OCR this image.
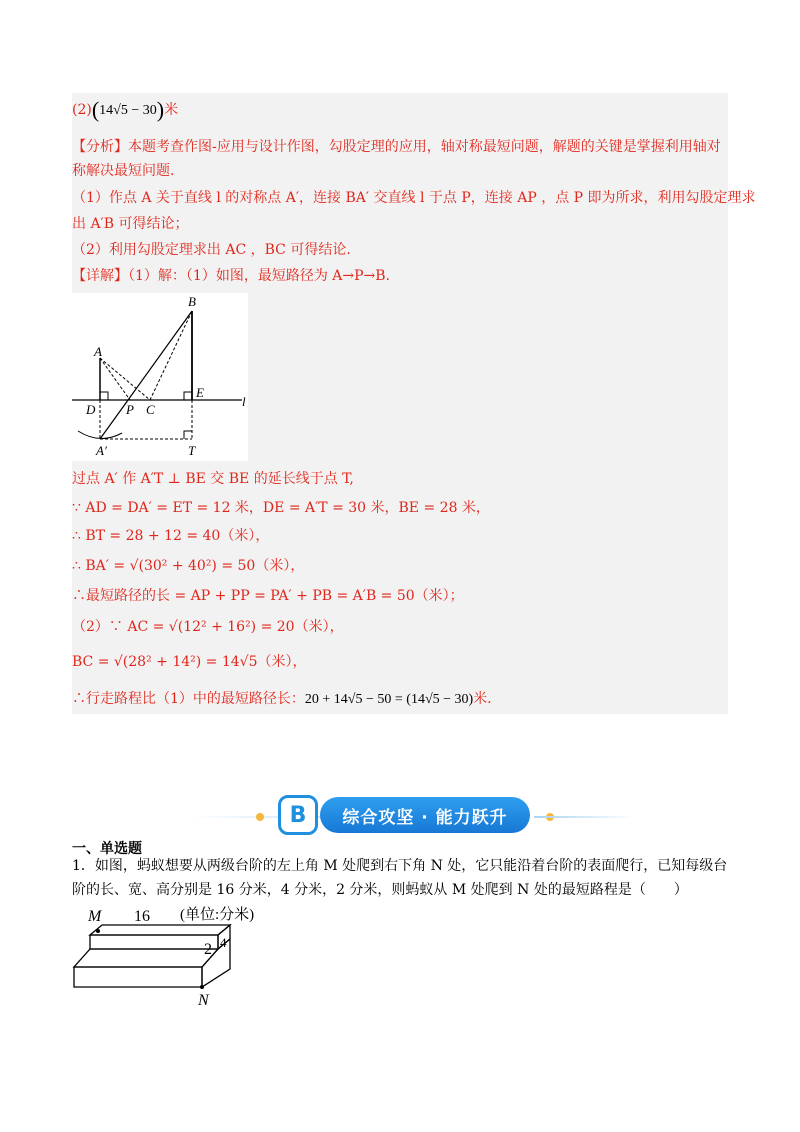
(2)(14√5 − 30)米
【分析】本题考查作图-应用与设计作图，勾股定理的应用，轴对称最短问题，解题的关键是掌握利用轴对
称解决最短问题.
（1）作点 A 关于直线 l 的对称点 A′，连接 BA′ 交直线 l 于点 P，连接 AP ，点 P 即为所求，利用勾股定理求
出 A′B 可得结论；
（2）利用勾股定理求出 AC ，BC 可得结论.
【详解】（1）解：（1）如图，最短路径为 A→P→B.
B
A
E
l
D P C
A′	T
过点 A′ 作 A′T ⊥ BE 交 BE 的延长线于点 T,
∵ AD = DA′ = ET = 12 米，DE = A′T = 30 米，BE = 28 米，
∴ BT = 28 + 12 = 40（米），
∴ BA′ = √(30² + 40²) = 50（米），
∴最短路径的长 = AP + PP = PA′ + PB = A′B = 50（米）；
（2）∵ AC = √(12² + 16²) = 20（米），
BC = √(28² + 14²) = 14√5（米），
∴行走路程比（1）中的最短路径长：20 + 14√5 − 50 = (14√5 − 30)米.
B	综合攻坚 · 能力跃升
一、单选题
1．如图，蚂蚁想要从两级台阶的左上角 M 处爬到右下角 N 处，它只能沿着台阶的表面爬行，已知每级台
阶的长、宽、高分别是 16 分米，4 分米，2 分米，则蚂蚁从 M 处爬到 N 处的最短路程是（　　）
M 16 (单位:分米)
2 4
N
